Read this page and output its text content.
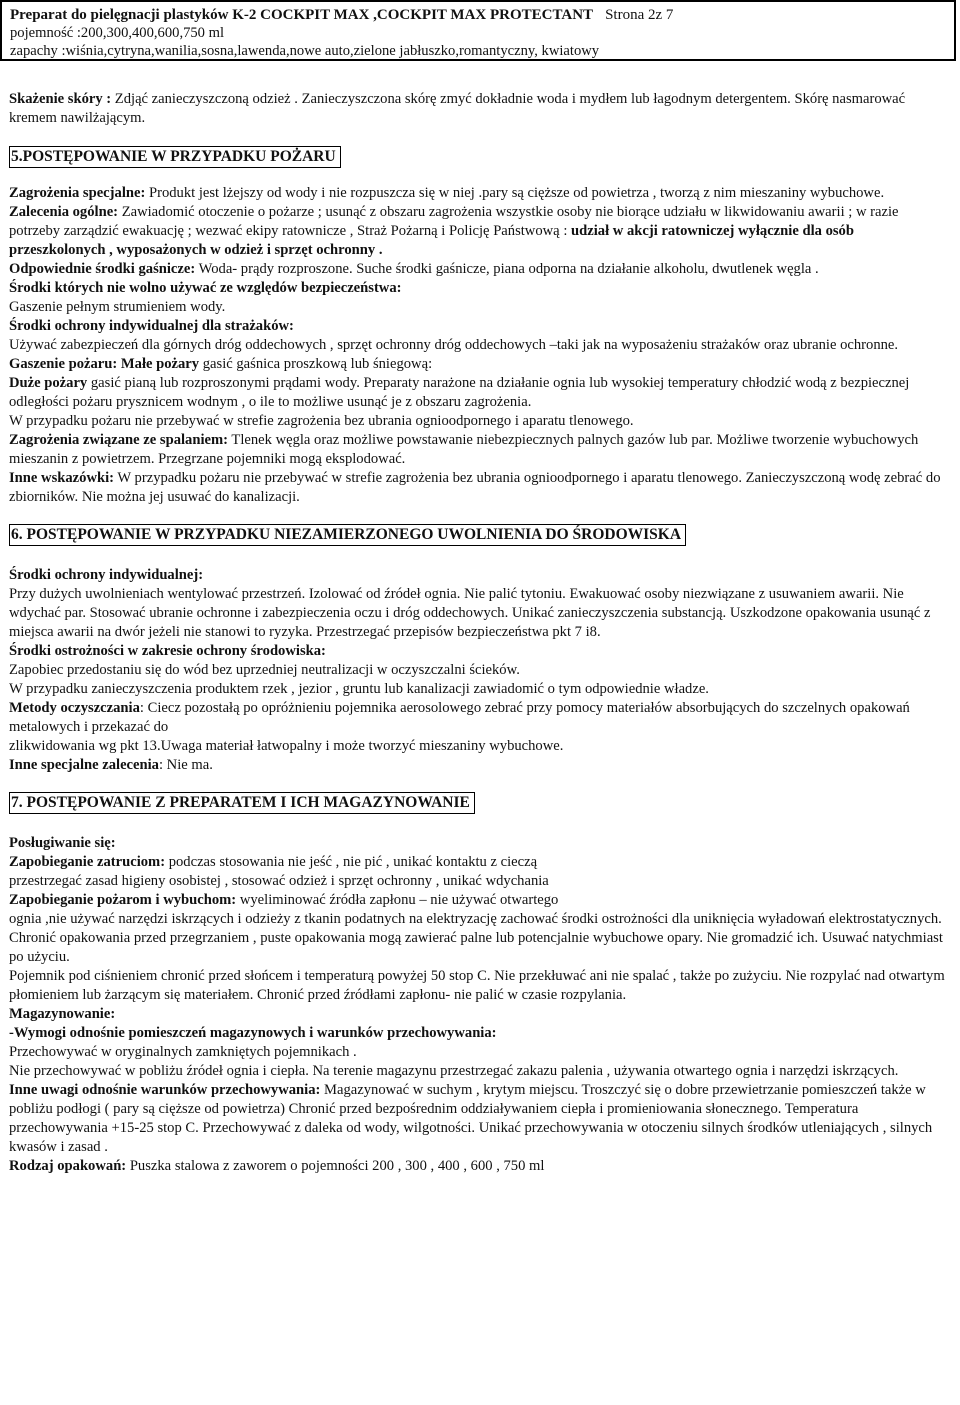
Preparat do pielęgnacji plastyków K-2 COCKPIT MAX ,COCKPIT MAX PROTECTANT Strona 2z 7
pojemność :200,300,400,600,750 ml
zapachy :wiśnia,cytryna,wanilia,sosna,lawenda,nowe auto,zielone jabłuszko,romantyczny, kwiatowy

Skażenie skóry : Zdjąć zanieczyszczoną odzież . Zanieczyszczona skórę zmyć dokładnie woda i mydłem lub łagodnym detergentem. Skórę nasmarować kremem nawilżającym.

5.POSTĘPOWANIE W PRZYPADKU POŻARU

Zagrożenia specjalne: Produkt jest lżejszy od wody i nie rozpuszcza się w niej .pary są cięższe od powietrza , tworzą z nim mieszaniny wybuchowe.

Zalecenia ogólne: Zawiadomić otoczenie o pożarze ; usunąć z obszaru zagrożenia wszystkie osoby nie biorące udziału w likwidowaniu awarii ; w razie potrzeby zarządzić ewakuację ; wezwać ekipy ratownicze , Straż Pożarną i Policję Państwową : udział w akcji ratowniczej wyłącznie dla osób przeszkolonych , wyposażonych w odzież i sprzęt ochronny .

Odpowiednie środki gaśnicze: Woda- prądy rozproszone. Suche środki gaśnicze, piana odporna na działanie alkoholu, dwutlenek węgla .

Środki których nie wolno używać ze względów bezpieczeństwa:

Gaszenie pełnym strumieniem wody.

Środki ochrony indywidualnej dla strażaków:

Używać zabezpieczeń dla górnych dróg oddechowych , sprzęt ochronny dróg oddechowych –taki jak na wyposażeniu strażaków oraz ubranie ochronne.

Gaszenie pożaru: Małe pożary gasić gaśnica proszkową lub śniegową:

Duże pożary gasić pianą lub rozproszonymi prądami wody. Preparaty narażone na działanie ognia lub wysokiej temperatury chłodzić wodą z bezpiecznej odległości pożaru prysznicem wodnym , o ile to możliwe usunąć je z obszaru zagrożenia.

W przypadku pożaru nie przebywać w strefie zagrożenia bez ubrania ognioodpornego i aparatu tlenowego.

Zagrożenia związane ze spalaniem: Tlenek węgla oraz możliwe powstawanie niebezpiecznych palnych gazów lub par. Możliwe tworzenie wybuchowych mieszanin z powietrzem. Przegrzane pojemniki mogą eksplodować.

Inne wskazówki: W przypadku pożaru nie przebywać w strefie zagrożenia bez ubrania ognioodpornego i aparatu tlenowego. Zanieczyszczoną wodę zebrać do zbiorników. Nie można jej usuwać do kanalizacji.

6. POSTĘPOWANIE W PRZYPADKU NIEZAMIERZONEGO UWOLNIENIA DO ŚRODOWISKA

Środki ochrony indywidualnej:

Przy dużych uwolnieniach wentylować przestrzeń. Izolować od źródeł ognia. Nie palić tytoniu. Ewakuować osoby niezwiązane z usuwaniem awarii. Nie wdychać par. Stosować ubranie ochronne i zabezpieczenia oczu i dróg oddechowych. Unikać zanieczyszczenia substancją. Uszkodzone opakowania usunąć z miejsca awarii na dwór jeżeli nie stanowi to ryzyka. Przestrzegać przepisów bezpieczeństwa pkt 7 i8.

Środki ostrożności w zakresie ochrony środowiska:

Zapobiec przedostaniu się do wód bez uprzedniej neutralizacji w oczyszczalni ścieków.

W przypadku zanieczyszczenia produktem rzek , jezior , gruntu lub kanalizacji zawiadomić o tym odpowiednie władze.

Metody oczyszczania: Ciecz pozostałą po opróżnieniu pojemnika aerosolowego zebrać przy pomocy materiałów absorbujących do szczelnych opakowań metalowych i przekazać do

zlikwidowania wg pkt 13.Uwaga materiał łatwopalny i może tworzyć mieszaniny wybuchowe.

Inne specjalne zalecenia: Nie ma.

7. POSTĘPOWANIE Z PREPARATEM I ICH MAGAZYNOWANIE

Posługiwanie się:

Zapobieganie zatruciom: podczas stosowania nie jeść , nie pić , unikać kontaktu z cieczą

przestrzegać zasad higieny osobistej , stosować odzież i sprzęt ochronny , unikać wdychania

Zapobieganie pożarom i wybuchom: wyeliminować źródła zapłonu – nie używać otwartego

ognia ,nie używać narzędzi iskrzących i odzieży z tkanin podatnych na elektryzację zachować środki ostrożności dla uniknięcia wyładowań elektrostatycznych. Chronić opakowania przed przegrzaniem , puste opakowania mogą zawierać palne lub potencjalnie wybuchowe opary. Nie gromadzić ich. Usuwać natychmiast po użyciu.

Pojemnik pod ciśnieniem chronić przed słońcem i temperaturą powyżej 50 stop C. Nie przekłuwać ani nie spalać , także po zużyciu. Nie rozpylać nad otwartym płomieniem lub żarzącym się materiałem. Chronić przed źródłami zapłonu- nie palić w czasie rozpylania.

Magazynowanie:

-Wymogi odnośnie pomieszczeń magazynowych i warunków przechowywania:

Przechowywać w oryginalnych zamkniętych pojemnikach .

Nie przechowywać w pobliżu źródeł ognia i ciepła. Na terenie magazynu przestrzegać zakazu palenia , używania otwartego ognia i narzędzi iskrzących.

Inne uwagi odnośnie warunków przechowywania: Magazynować w suchym , krytym miejscu. Troszczyć się o dobre przewietrzanie pomieszczeń także w pobliżu podłogi ( pary są cięższe od powietrza) Chronić przed bezpośrednim oddziaływaniem ciepła i promieniowania słonecznego. Temperatura przechowywania +15-25 stop C. Przechowywać z daleka od wody, wilgotności. Unikać przechowywania w otoczeniu silnych środków utleniających , silnych kwasów i zasad .

Rodzaj opakowań: Puszka stalowa z zaworem o pojemności 200 , 300 , 400 , 600 , 750 ml
